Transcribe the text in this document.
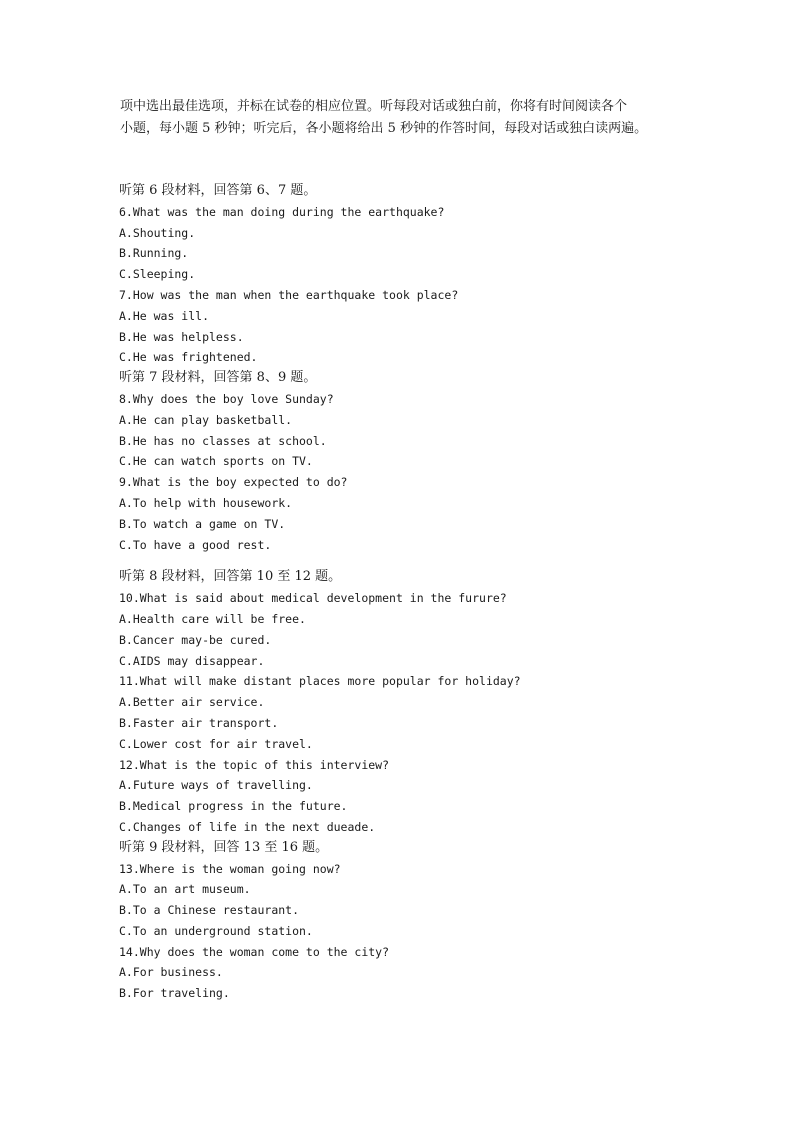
项中选出最佳选项，并标在试卷的相应位置。听每段对话或独白前，你将有时间阅读各个
小题，每小题 5 秒钟；听完后，各小题将给出 5 秒钟的作答时间，每段对话或独白读两遍。
听第 6 段材料，回答第 6、7 题。
6.What was the man doing during the earthquake?
A.Shouting.
B.Running.
C.Sleeping.
7.How was the man when the earthquake took place?
A.He was ill.
B.He was helpless.
C.He was frightened.
听第 7 段材料，回答第 8、9 题。
8.Why does the boy love Sunday?
A.He can play basketball.
B.He has no classes at school.
C.He can watch sports on TV.
9.What is the boy expected to do?
A.To help with housework.
B.To watch a game on TV.
C.To have a good rest.
听第 8 段材料，回答第 10 至 12 题。
10.What is said about medical development in the furure?
A.Health care will be free.
B.Cancer may-be cured.
C.AIDS may disappear.
11.What will make distant places more popular for holiday?
A.Better air service.
B.Faster air transport.
C.Lower cost for air travel.
12.What is the topic of this interview?
A.Future ways of travelling.
B.Medical progress in the future.
C.Changes of life in the next dueade.
听第 9 段材料，回答 13 至 16 题。
13.Where is the woman going now?
A.To an art museum.
B.To a Chinese restaurant.
C.To an underground station.
14.Why does the woman come to the city?
A.For business.
B.For traveling.
